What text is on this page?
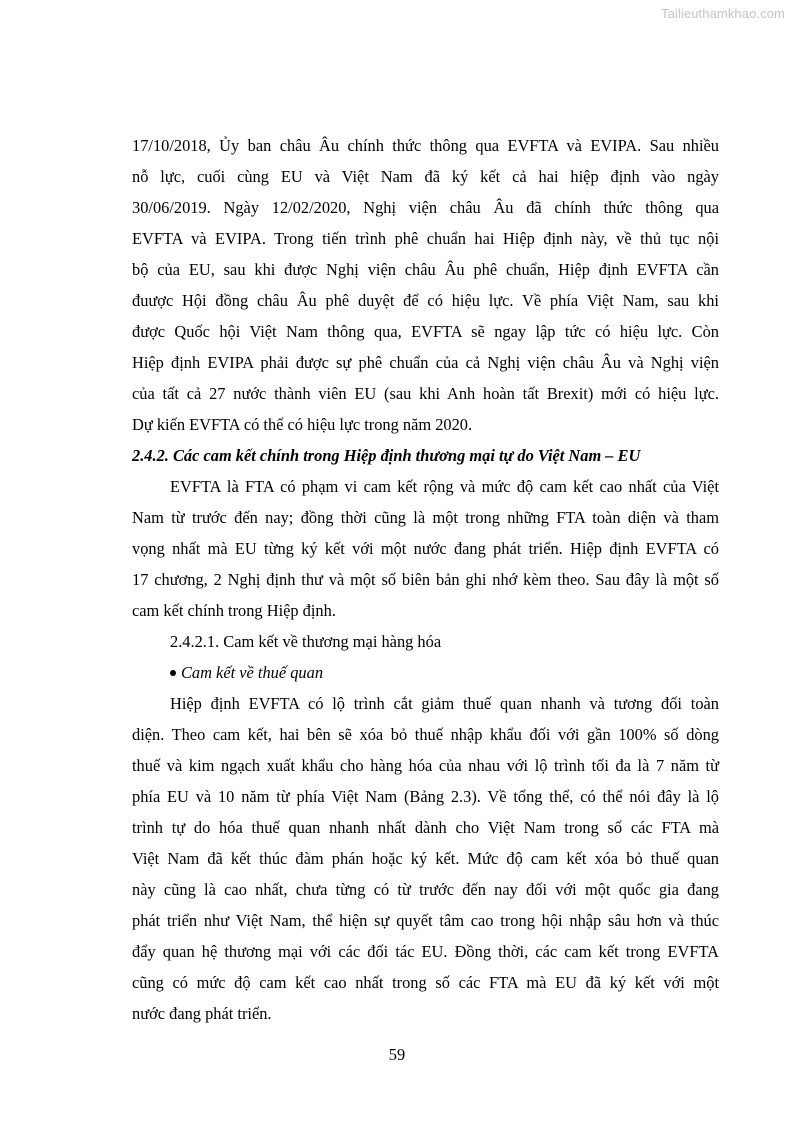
Tailieuthamkhao.com
17/10/2018, Ủy ban châu Âu chính thức thông qua EVFTA và EVIPA. Sau nhiều
nỗ lực, cuối cùng EU và Việt Nam đã ký kết cả hai hiệp định vào ngày
30/06/2019. Ngày 12/02/2020, Nghị viện châu Âu đã chính thức thông qua
EVFTA và EVIPA. Trong tiến trình phê chuẩn hai Hiệp định này, về thủ tục nội
bộ của EU, sau khi được Nghị viện châu Âu phê chuẩn, Hiệp định EVFTA cần
đuược Hội đồng châu Âu phê duyệt để có hiệu lực. Về phía Việt Nam, sau khi
được Quốc hội Việt Nam thông qua, EVFTA sẽ ngay lập tức có hiệu lực. Còn
Hiệp định EVIPA phải được sự phê chuẩn của cả Nghị viện châu Âu và Nghị viện
của tất cả 27 nước thành viên EU (sau khi Anh hoàn tất Brexit) mới có hiệu lực.
Dự kiến EVFTA có thể có hiệu lực trong năm 2020.
2.4.2. Các cam kết chính trong Hiệp định thương mại tự do Việt Nam – EU
EVFTA là FTA có phạm vi cam kết rộng và mức độ cam kết cao nhất của Việt
Nam từ trước đến nay; đồng thời cũng là một trong những FTA toàn diện và tham
vọng nhất mà EU từng ký kết với một nước đang phát triển. Hiệp định EVFTA có
17 chương, 2 Nghị định thư và một số biên bản ghi nhớ kèm theo. Sau đây là một số
cam kết chính trong Hiệp định.
2.4.2.1. Cam kết về thương mại hàng hóa
Cam kết về thuế quan
Hiệp định EVFTA có lộ trình cắt giảm thuế quan nhanh và tương đối toàn
diện. Theo cam kết, hai bên sẽ xóa bỏ thuế nhập khẩu đối với gần 100% số dòng
thuế và kim ngạch xuất khẩu cho hàng hóa của nhau với lộ trình tối đa là 7 năm từ
phía EU và 10 năm từ phía Việt Nam (Bảng 2.3). Về tổng thể, có thể nói đây là lộ
trình tự do hóa thuế quan nhanh nhất dành cho Việt Nam trong số các FTA mà
Việt Nam đã kết thúc đàm phán hoặc ký kết. Mức độ cam kết xóa bỏ thuế quan
này cũng là cao nhất, chưa từng có từ trước đến nay đối với một quốc gia đang
phát triển như Việt Nam, thể hiện sự quyết tâm cao trong hội nhập sâu hơn và thúc
đẩy quan hệ thương mại với các đối tác EU. Đồng thời, các cam kết trong EVFTA
cũng có mức độ cam kết cao nhất trong số các FTA mà EU đã ký kết với một
nước đang phát triển.
59
